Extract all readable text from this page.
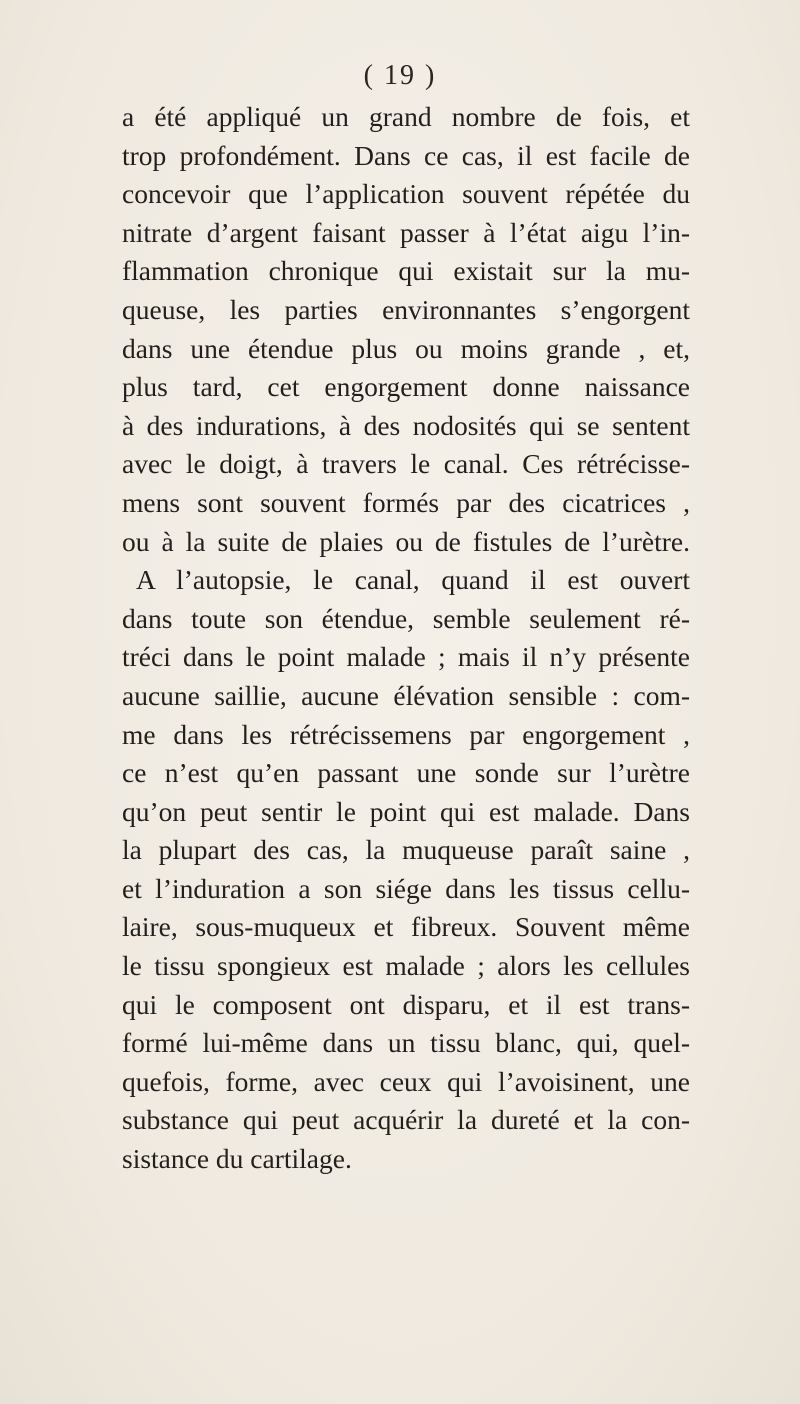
( 19 )
a été appliqué un grand nombre de fois, et
trop profondément. Dans ce cas, il est facile de
concevoir que l’application souvent répétée du
nitrate d’argent faisant passer à l’état aigu l’in-
flammation chronique qui existait sur la mu-
queuse, les parties environnantes s’engorgent
dans une étendue plus ou moins grande , et,
plus tard, cet engorgement donne naissance
à des indurations, à des nodosités qui se sentent
avec le doigt, à travers le canal. Ces rétrécisse-
mens sont souvent formés par des cicatrices ,
ou à la suite de plaies ou de fistules de l’urètre.
A l’autopsie, le canal, quand il est ouvert
dans toute son étendue, semble seulement ré-
tréci dans le point malade ; mais il n’y présente
aucune saillie, aucune élévation sensible : com-
me dans les rétrécissemens par engorgement ,
ce n’est qu’en passant une sonde sur l’urètre
qu’on peut sentir le point qui est malade. Dans
la plupart des cas, la muqueuse paraît saine ,
et l’induration a son siége dans les tissus cellu-
laire, sous-muqueux et fibreux. Souvent même
le tissu spongieux est malade ; alors les cellules
qui le composent ont disparu, et il est trans-
formé lui-même dans un tissu blanc, qui, quel-
quefois, forme, avec ceux qui l’avoisinent, une
substance qui peut acquérir la dureté et la con-
sistance du cartilage.
